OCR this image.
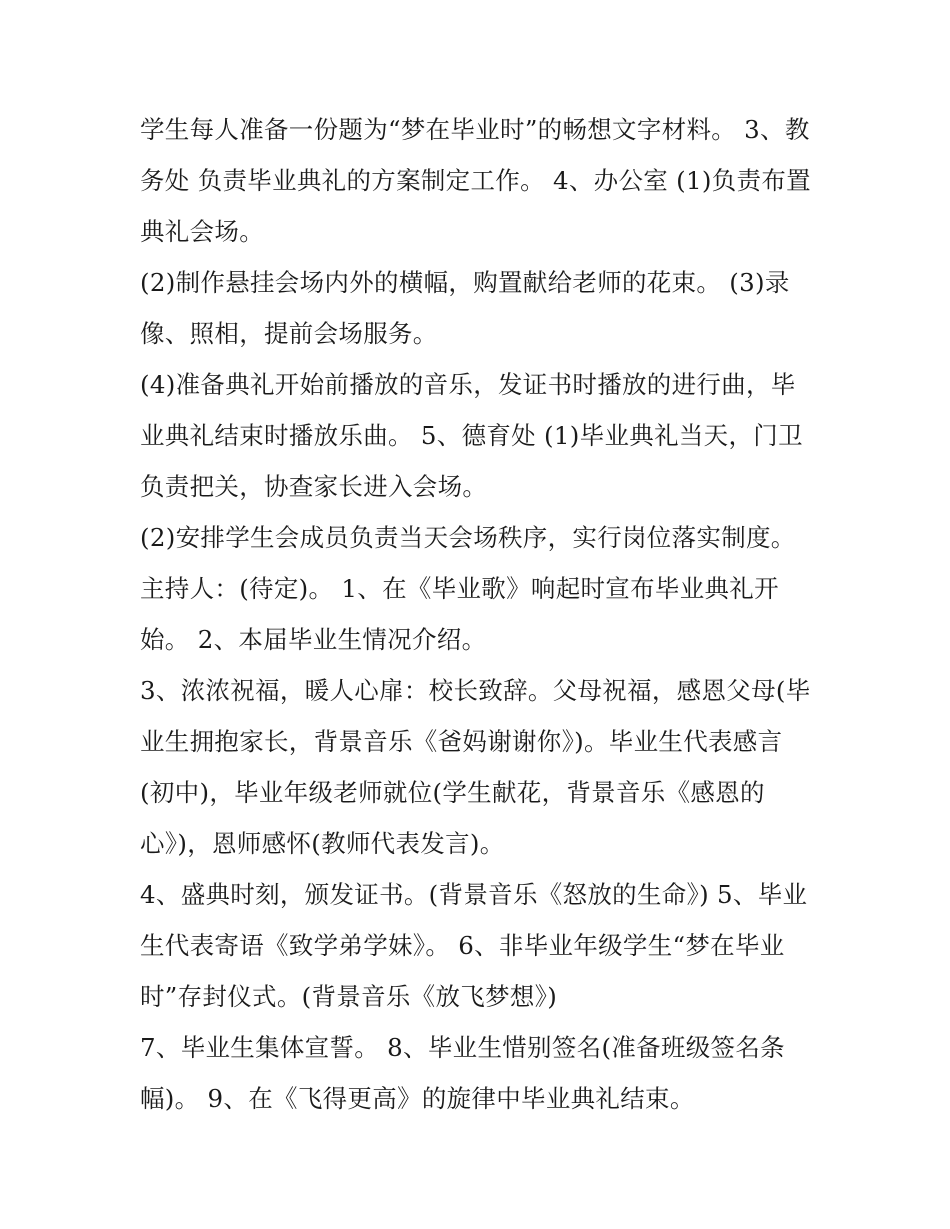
学生每人准备一份题为“梦在毕业时”的畅想文字材料。 3、教
务处 负责毕业典礼的方案制定工作。 4、办公室 (1)负责布置
典礼会场。
(2)制作悬挂会场内外的横幅，购置献给老师的花束。 (3)录
像、照相，提前会场服务。
(4)准备典礼开始前播放的音乐，发证书时播放的进行曲，毕
业典礼结束时播放乐曲。 5、德育处 (1)毕业典礼当天，门卫
负责把关，协查家长进入会场。
(2)安排学生会成员负责当天会场秩序，实行岗位落实制度。
主持人：(待定)。 1、在《毕业歌》响起时宣布毕业典礼开
始。 2、本届毕业生情况介绍。
3、浓浓祝福，暖人心扉：校长致辞。父母祝福，感恩父母(毕
业生拥抱家长，背景音乐《爸妈谢谢你》)。毕业生代表感言
(初中)，毕业年级老师就位(学生献花，背景音乐《感恩的
心》)，恩师感怀(教师代表发言)。
4、盛典时刻，颁发证书。(背景音乐《怒放的生命》) 5、毕业
生代表寄语《致学弟学妹》。 6、非毕业年级学生“梦在毕业
时”存封仪式。(背景音乐《放飞梦想》)
7、毕业生集体宣誓。 8、毕业生惜别签名(准备班级签名条
幅)。 9、在《飞得更高》的旋律中毕业典礼结束。
